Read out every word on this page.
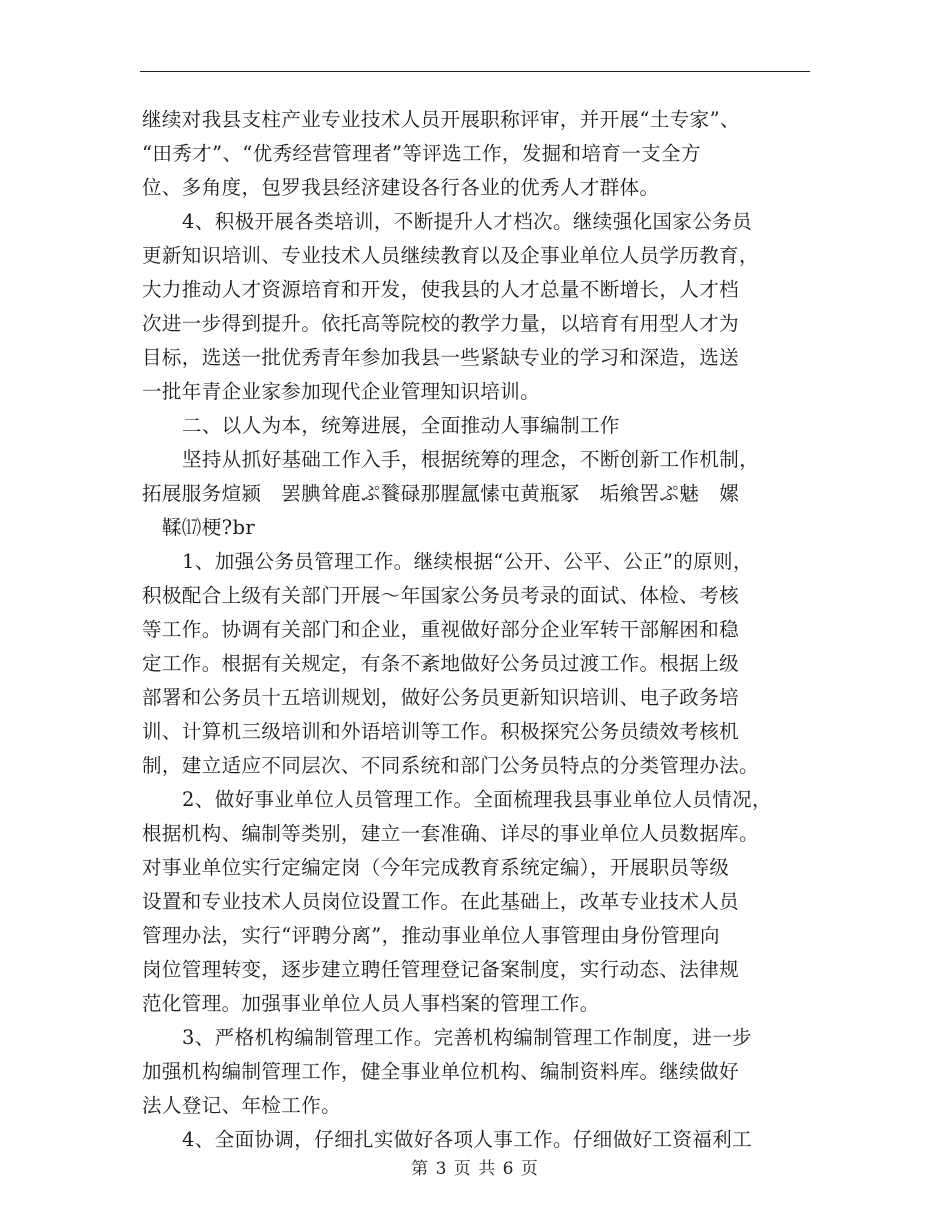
继续对我县支柱产业专业技术人员开展职称评审，并开展“土专家”、
“田秀才”、“优秀经营管理者”等评选工作，发掘和培育一支全方
位、多角度，包罗我县经济建设各行各业的优秀人才群体。
4、积极开展各类培训，不断提升人才档次。继续强化国家公务员
更新知识培训、专业技术人员继续教育以及企事业单位人员学历教育，
大力推动人才资源培育和开发，使我县的人才总量不断增长，人才档
次进一步得到提升。依托高等院校的教学力量，以培育有用型人才为
目标，选送一批优秀青年参加我县一些紧缺专业的学习和深造，选送
一批年青企业家参加现代企业管理知识培训。
二、以人为本，统筹进展，全面推动人事编制工作
坚持从抓好基础工作入手，根据统筹的理念，不断创新工作机制，
拓展服务煊颍　罢腆耸鹿ぷ餮碌那腥氲愫屯黄瓶冢　垢飨罟ぷ魅　嫘
　鞣⒄梗?br
1、加强公务员管理工作。继续根据“公开、公平、公正”的原则，
积极配合上级有关部门开展～年国家公务员考录的面试、体检、考核
等工作。协调有关部门和企业，重视做好部分企业军转干部解困和稳
定工作。根据有关规定，有条不紊地做好公务员过渡工作。根据上级
部署和公务员十五培训规划，做好公务员更新知识培训、电子政务培
训、计算机三级培训和外语培训等工作。积极探究公务员绩效考核机
制，建立适应不同层次、不同系统和部门公务员特点的分类管理办法。
2、做好事业单位人员管理工作。全面梳理我县事业单位人员情况，
根据机构、编制等类别，建立一套准确、详尽的事业单位人员数据库。
对事业单位实行定编定岗（今年完成教育系统定编），开展职员等级
设置和专业技术人员岗位设置工作。在此基础上，改革专业技术人员
管理办法，实行“评聘分离”，推动事业单位人事管理由身份管理向
岗位管理转变，逐步建立聘任管理登记备案制度，实行动态、法律规
范化管理。加强事业单位人员人事档案的管理工作。
3、严格机构编制管理工作。完善机构编制管理工作制度，进一步
加强机构编制管理工作，健全事业单位机构、编制资料库。继续做好
法人登记、年检工作。
4、全面协调，仔细扎实做好各项人事工作。仔细做好工资福利工
第 3 页 共 6 页
